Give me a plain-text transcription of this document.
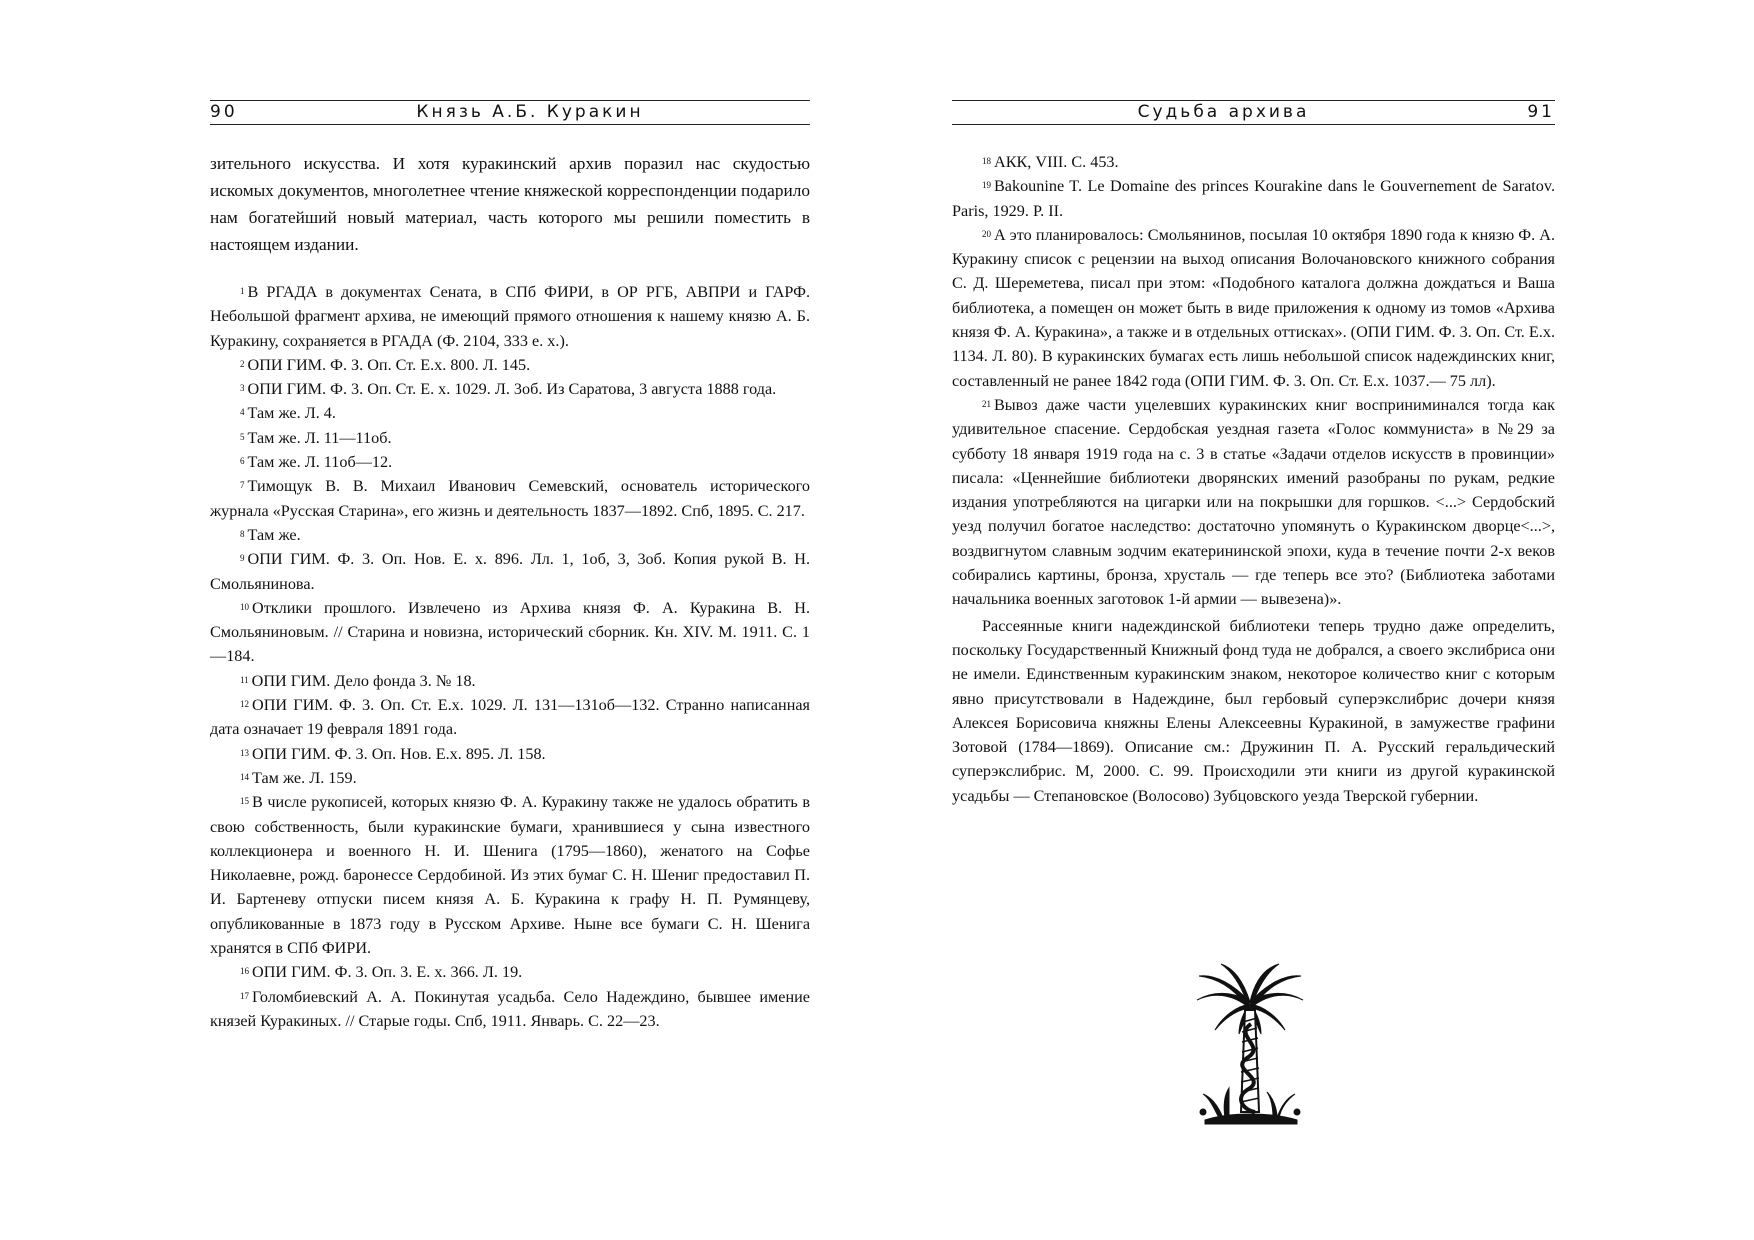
90	Князь А.Б. Куракин

зительного искусства. И хотя куракинский архив поразил нас скудостью искомых документов, многолетнее чтение княжеской корреспонденции подарило нам богатейший новый материал, часть которого мы решили поместить в настоящем издании.

$^1$ В РГАДА в документах Сената, в СПб ФИРИ, в ОР РГБ, АВПРИ и ГАРФ. Небольшой фрагмент архива, не имеющий прямого отношения к нашему князю А. Б. Куракину, сохраняется в РГАДА (Ф. 2104, 333 е. х.).

$^2$ ОПИ ГИМ. Ф. З. Оп. Ст. Е.х. 800. Л. 145.

$^3$ ОПИ ГИМ. Ф. 3. Оп. Ст. Е. х. 1029. Л. 3об. Из Саратова, 3 августа 1888 года.

$^4$ Там же. Л. 4.

$^5$ Там же. Л. 11—11об.

$^6$ Там же. Л. 11об—12.

$^7$ Тимощук В. В. Михаил Иванович Семевский, основатель исторического журнала «Русская Старина», его жизнь и деятельность 1837—1892. Спб, 1895. С. 217.

$^8$ Там же.

$^9$ ОПИ ГИМ. Ф. 3. Оп. Нов. Е. х. 896. Лл. 1, 1об, 3, 3об. Копия рукой В. Н. Смольянинова.

$^{10}$ Отклики прошлого. Извлечено из Архива князя Ф. А. Куракина В. Н. Смольяниновым. // Старина и новизна, исторический сборник. Кн. XIV. М. 1911. С. 1—184.

$^{11}$ ОПИ ГИМ. Дело фонда 3. № 18.

$^{12}$ ОПИ ГИМ. Ф. 3. Оп. Ст. Е.х. 1029. Л. 131—131об—132. Странно написанная дата означает 19 февраля 1891 года.

$^{13}$ ОПИ ГИМ. Ф. 3. Оп. Нов. Е.х. 895. Л. 158.

$^{14}$ Там же. Л. 159.

$^{15}$ В числе рукописей, которых князю Ф. А. Куракину также не удалось обратить в свою собственность, были куракинские бумаги, хранившиеся у сына известного коллекционера и военного Н. И. Шенига (1795—1860), женатого на Софье Николаевне, рожд. баронессе Сердобиной. Из этих бумаг С. Н. Шениг предоставил П. И. Бартеневу отпуски писем князя А. Б. Куракина к графу Н. П. Румянцеву, опубликованные в 1873 году в Русском Архиве. Ныне все бумаги С. Н. Шенига хранятся в СПб ФИРИ.

$^{16}$ ОПИ ГИМ. Ф. 3. Оп. 3. Е. х. 366. Л. 19.

$^{17}$ Голомбиевский А. А. Покинутая усадьба. Село Надеждино, бывшее имение князей Куракиных. // Старые годы. Спб, 1911. Январь. С. 22—23.

Судьба архива	91

$^{18}$ АКК, VIII. С. 453.

$^{19}$ Bakounine T. Le Domaine des princes Kourakine dans le Gouvernement de Saratov. Paris, 1929. P. II.

$^{20}$ А это планировалось: Смольянинов, посылая 10 октября 1890 года к князю Ф. А. Куракину список с рецензии на выход описания Волочановского книжного собрания С. Д. Шереметева, писал при этом: «Подобного каталога должна дождаться и Ваша библиотека, а помещен он может быть в виде приложения к одному из томов «Архива князя Ф. А. Куракина», а также и в отдельных оттисках». (ОПИ ГИМ. Ф. 3. Оп. Ст. Е.х. 1134. Л. 80). В куракинских бумагах есть лишь небольшой список надеждинских книг, составленный не ранее 1842 года (ОПИ ГИМ. Ф. 3. Оп. Ст. Е.х. 1037.— 75 лл).

$^{21}$ Вывоз даже части уцелевших куракинских книг восприниминался тогда как удивительное спасение. Сердобская уездная газета «Голос коммуниста» в №29 за субботу 18 января 1919 года на с. 3 в статье «Задачи отделов искусств в провинции» писала: «Ценнейшие библиотеки дворянских имений разобраны по рукам, редкие издания употребляются на цигарки или на покрышки для горшков. <...> Сердобский уезд получил богатое наследство: достаточно упомянуть о Куракинском дворце<...>, воздвигнутом славным зодчим екатерининской эпохи, куда в течение почти 2-х веков собирались картины, бронза, хрусталь — где теперь все это? (Библиотека заботами начальника военных заготовок 1-й армии — вывезена)».

Рассеянные книги надеждинской библиотеки теперь трудно даже определить, поскольку Государственный Книжный фонд туда не добрался, а своего экслибриса они не имели. Единственным куракинским знаком, некоторое количество книг с которым явно присутствовали в Надеждине, был гербовый суперэкслибрис дочери князя Алексея Борисовича княжны Елены Алексеевны Куракиной, в замужестве графини Зотовой (1784—1869). Описание см.: Дружинин П. А. Русский геральдический суперэкслибрис. М, 2000. С. 99. Происходили эти книги из другой куракинской усадьбы — Степановское (Волосово) Зубцовского уезда Тверской губернии.
